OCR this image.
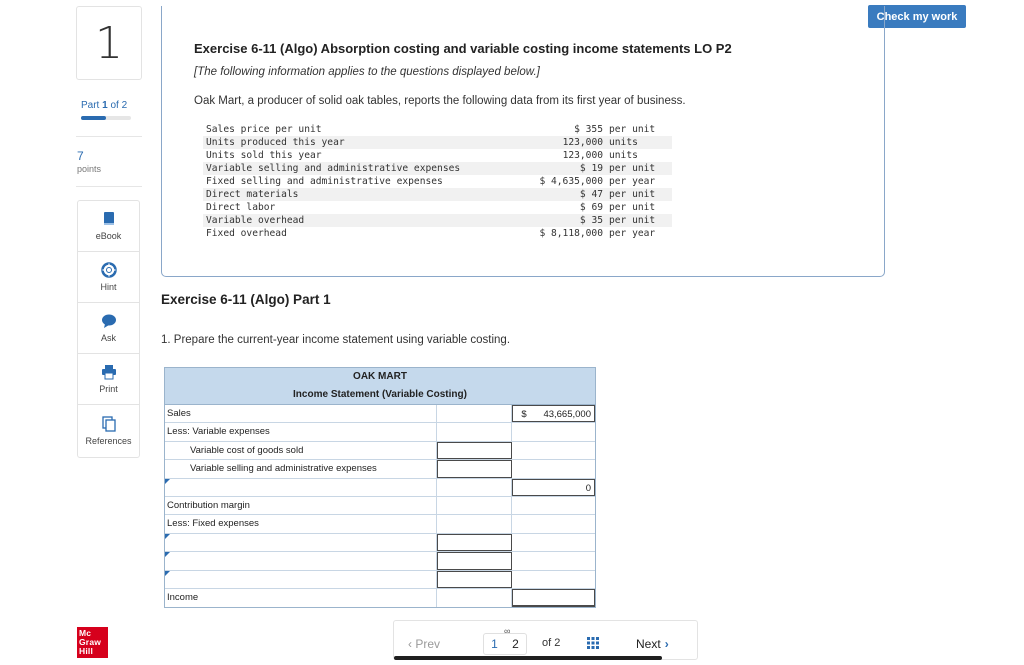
1
Part 1 of 2
7
points
eBook
Hint
Ask
Print
References
Mc
Graw
Hill
Check my work
Exercise 6-11 (Algo) Absorption costing and variable costing income statements LO P2
[The following information applies to the questions displayed below.]
Oak Mart, a producer of solid oak tables, reports the following data from its first year of business.
Sales price per unit	$ 355	per unit
Units produced this year	123,000	units
Units sold this year	123,000	units
Variable selling and administrative expenses	$ 19	per unit
Fixed selling and administrative expenses	$ 4,635,000	per year
Direct materials	$ 47	per unit
Direct labor	$ 69	per unit
Variable overhead	$ 35	per unit
Fixed overhead	$ 8,118,000	per year
Exercise 6-11 (Algo) Part 1
1. Prepare the current-year income statement using variable costing.
OAK MART
Income Statement (Variable Costing)
Sales	$ 43,665,000
Less: Variable expenses
Variable cost of goods sold
Variable selling and administrative expenses
0
Contribution margin
Less: Fixed expenses
Income
‹ Prev
∞
1 2 of 2	Next ›
